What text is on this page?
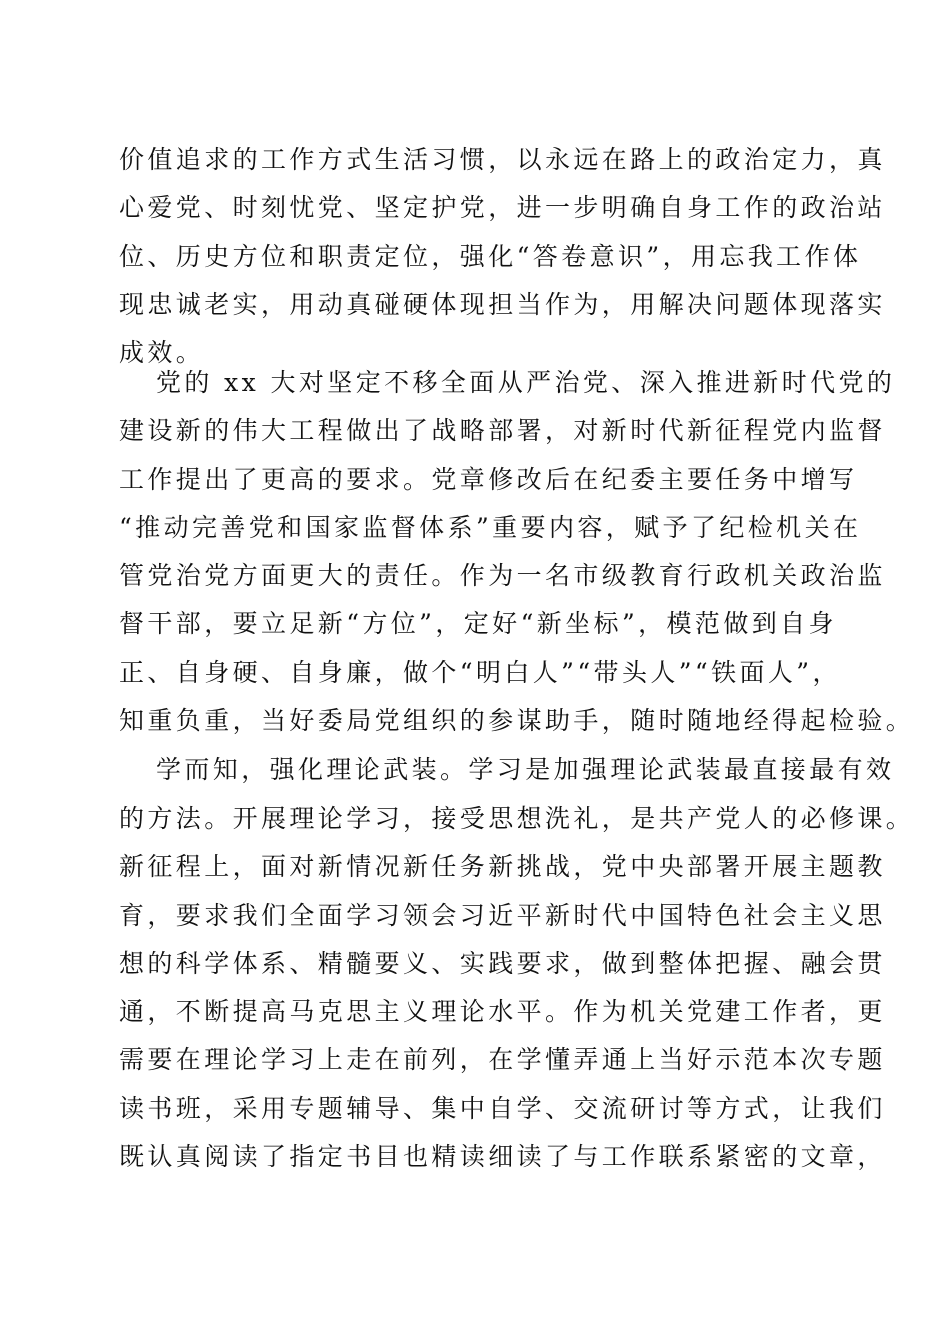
价值追求的工作方式生活习惯，以永远在路上的政治定力，真
心爱党、时刻忧党、坚定护党，进一步明确自身工作的政治站
位、历史方位和职责定位，强化“答卷意识”，用忘我工作体
现忠诚老实，用动真碰硬体现担当作为，用解决问题体现落实
成效。
党的 xx 大对坚定不移全面从严治党、深入推进新时代党的
建设新的伟大工程做出了战略部署，对新时代新征程党内监督
工作提出了更高的要求。党章修改后在纪委主要任务中增写
“推动完善党和国家监督体系”重要内容，赋予了纪检机关在
管党治党方面更大的责任。作为一名市级教育行政机关政治监
督干部，要立足新“方位”，定好“新坐标”，模范做到自身
正、自身硬、自身廉，做个“明白人”“带头人”“铁面人”，
知重负重，当好委局党组织的参谋助手，随时随地经得起检验。
学而知，强化理论武装。学习是加强理论武装最直接最有效
的方法。开展理论学习，接受思想洗礼，是共产党人的必修课。
新征程上，面对新情况新任务新挑战，党中央部署开展主题教
育，要求我们全面学习领会习近平新时代中国特色社会主义思
想的科学体系、精髓要义、实践要求，做到整体把握、融会贯
通，不断提高马克思主义理论水平。作为机关党建工作者，更
需要在理论学习上走在前列，在学懂弄通上当好示范本次专题
读书班，采用专题辅导、集中自学、交流研讨等方式，让我们
既认真阅读了指定书目也精读细读了与工作联系紧密的文章，
